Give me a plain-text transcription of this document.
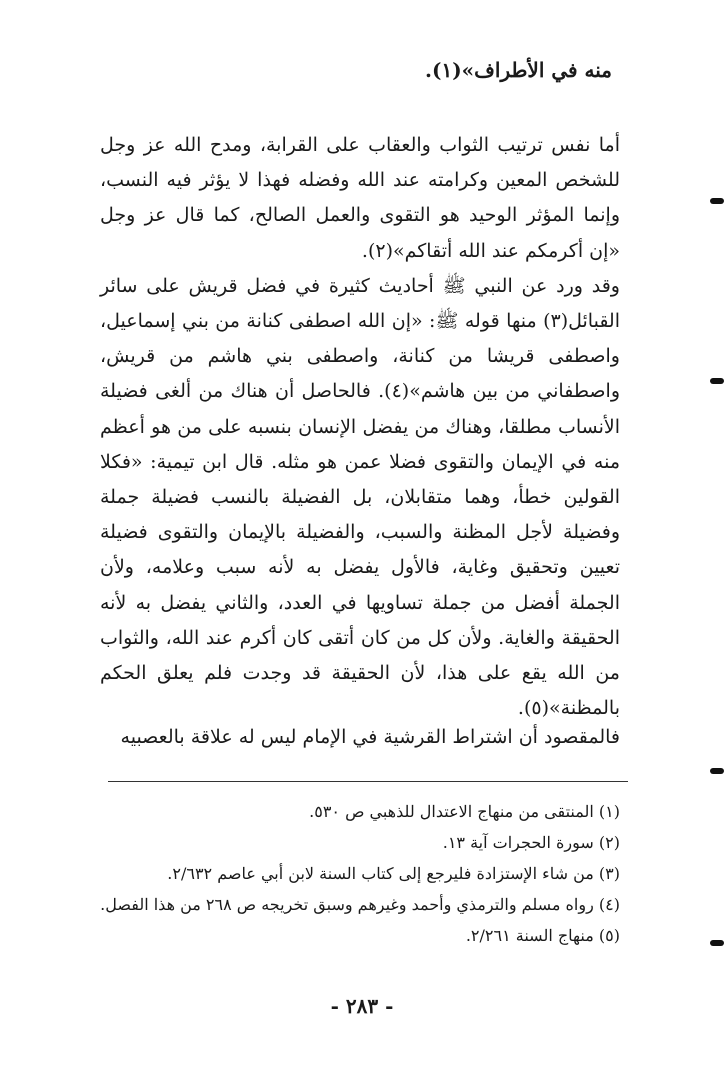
منه في الأطراف»(١).

أما نفس ترتيب الثواب والعقاب على القرابة، ومدح الله عز وجل للشخص المعين وكرامته عند الله وفضله فهذا لا يؤثر فيه النسب، وإنما المؤثر الوحيد هو التقوى والعمل الصالح، كما قال عز وجل «إن أكرمكم عند الله أتقاكم»(٢).

وقد ورد عن النبي ﷺ أحاديث كثيرة في فضل قريش على سائر القبائل(٣) منها قوله ﷺ: «إن الله اصطفى كنانة من بني إسماعيل، واصطفى قريشا من كنانة، واصطفى بني هاشم من قريش، واصطفاني من بين هاشم»(٤). فالحاصل أن هناك من ألغى فضيلة الأنساب مطلقا، وهناك من يفضل الإنسان بنسبه على من هو أعظم منه في الإيمان والتقوى فضلا عمن هو مثله. قال ابن تيمية: «فكلا القولين خطأ، وهما متقابلان، بل الفضيلة بالنسب فضيلة جملة وفضيلة لأجل المظنة والسبب، والفضيلة بالإيمان والتقوى فضيلة تعيين وتحقيق وغاية، فالأول يفضل به لأنه سبب وعلامه، ولأن الجملة أفضل من جملة تساويها في العدد، والثاني يفضل به لأنه الحقيقة والغاية. ولأن كل من كان أتقى كان أكرم عند الله، والثواب من الله يقع على هذا، لأن الحقيقة قد وجدت فلم يعلق الحكم بالمظنة»(٥).

فالمقصود أن اشتراط القرشية في الإمام ليس له علاقة بالعصبيه
(١) المنتقى من منهاج الاعتدال للذهبي ص ٥٣٠.
(٢) سورة الحجرات آية ١٣.
(٣) من شاء الإستزادة فليرجع إلى كتاب السنة لابن أبي عاصم ٢/٦٣٢.
(٤) رواه مسلم والترمذي وأحمد وغيرهم وسبق تخريجه ص ٢٦٨ من هذا الفصل.
(٥) منهاج السنة ٢/٢٦١.
- ٢٨٣ -
